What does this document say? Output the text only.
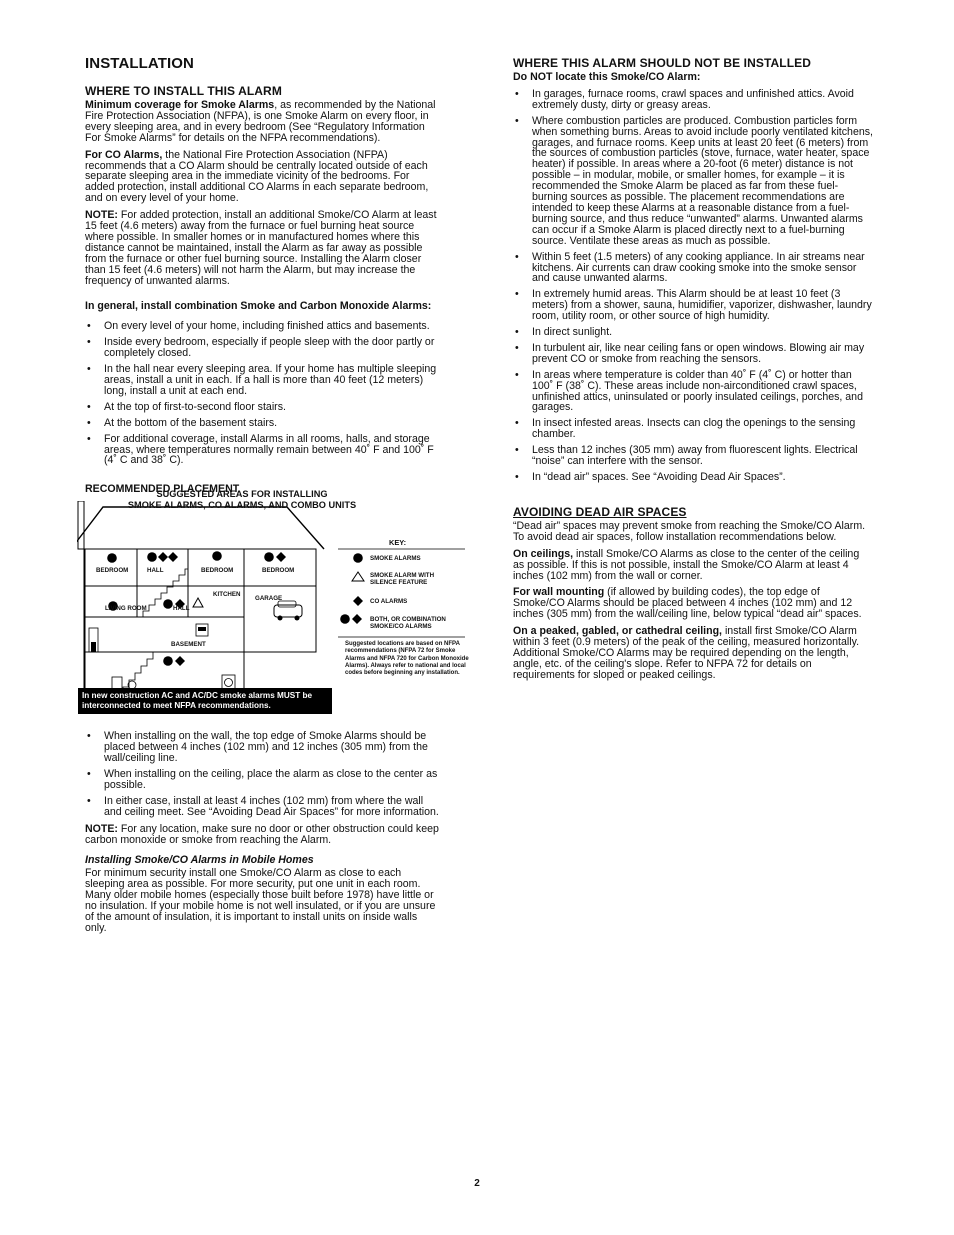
INSTALLATION
WHERE TO INSTALL THIS ALARM

Minimum coverage for Smoke Alarms, as recommended by the National Fire Protection Association (NFPA), is one Smoke Alarm on every floor, in every sleeping area, and in every bedroom (See “Regulatory Information For Smoke Alarms” for details on the NFPA recommendations).

For CO Alarms, the National Fire Protection Association (NFPA) recommends that a CO Alarm should be centrally located outside of each separate sleeping area in the immediate vicinity of the bedrooms. For added protection, install additional CO Alarms in each separate bedroom, and on every level of your home.

NOTE: For added protection, install an additional Smoke/CO Alarm at least 15 feet (4.6 meters) away from the furnace or fuel burning heat source where possible. In smaller homes or in manufactured homes where this distance cannot be maintained, install the Alarm as far away as possible from the furnace or other fuel burning source. Installing the Alarm closer than 15 feet (4.6 meters) will not harm the Alarm, but may increase the frequency of unwanted alarms.

In general, install combination Smoke and Carbon Monoxide Alarms:

• On every level of your home, including finished attics and basements.
• Inside every bedroom, especially if people sleep with the door partly or completely closed.
• In the hall near every sleeping area. If your home has multiple sleeping areas, install a unit in each. If a hall is more than 40 feet (12 meters) long, install a unit at each end.
• At the top of first-to-second floor stairs.
• At the bottom of the basement stairs.
• For additional coverage, install Alarms in all rooms, halls, and storage areas, where temperatures normally remain between 40˚ F and 100˚ F (4˚ C and 38˚ C).

RECOMMENDED PLACEMENT

SUGGESTED AREAS FOR INSTALLING
SMOKE ALARMS, CO ALARMS, AND COMBO UNITS
BEDROOM	HALL	BEDROOM	BEDROOM
LIVING ROOM	HALL
KITCHEN
GARAGE
BASEMENT
KEY:
SMOKE ALARMS
SMOKE ALARM WITH
SILENCE FEATURE
CO ALARMS
BOTH, OR COMBINATION
SMOKE/CO ALARMS
Suggested locations are based on NFPA recommendations (NFPA 72 for Smoke Alarms and NFPA 720 for Carbon Monoxide Alarms). Always refer to national and local codes before beginning any installation.
In new construction AC and AC/DC smoke alarms MUST be interconnected to meet NFPA recommendations.
• When installing on the wall, the top edge of Smoke Alarms should be placed between 4 inches (102 mm) and 12 inches (305 mm) from the wall/ceiling line.
• When installing on the ceiling, place the alarm as close to the center as possible.
• In either case, install at least 4 inches (102 mm) from where the wall and ceiling meet. See “Avoiding Dead Air Spaces” for more information.

NOTE: For any location, make sure no door or other obstruction could keep carbon monoxide or smoke from reaching the Alarm.

Installing Smoke/CO Alarms in Mobile Homes

For minimum security install one Smoke/CO Alarm as close to each sleeping area as possible. For more security, put one unit in each room. Many older mobile homes (especially those built before 1978) have little or no insulation. If your mobile home is not well insulated, or if you are unsure of the amount of insulation, it is important to install units on inside walls only.

WHERE THIS ALARM SHOULD NOT BE INSTALLED

Do NOT locate this Smoke/CO Alarm:

• In garages, furnace rooms, crawl spaces and unfinished attics. Avoid extremely dusty, dirty or greasy areas.
• Where combustion particles are produced. Combustion particles form when something burns. Areas to avoid include poorly ventilated kitchens, garages, and furnace rooms. Keep units at least 20 feet (6 meters) from the sources of combustion particles (stove, furnace, water heater, space heater) if possible. In areas where a 20-foot (6 meter) distance is not possible – in modular, mobile, or smaller homes, for example – it is recommended the Smoke Alarm be placed as far from these fuel-burning sources as possible. The placement recommendations are intended to keep these Alarms at a reasonable distance from a fuel-burning source, and thus reduce “unwanted” alarms. Unwanted alarms can occur if a Smoke Alarm is placed directly next to a fuel-burning source. Ventilate these areas as much as possible.
• Within 5 feet (1.5 meters) of any cooking appliance. In air streams near kitchens. Air currents can draw cooking smoke into the smoke sensor and cause unwanted alarms.
• In extremely humid areas. This Alarm should be at least 10 feet (3 meters) from a shower, sauna, humidifier, vaporizer, dishwasher, laundry room, utility room, or other source of high humidity.
• In direct sunlight.
• In turbulent air, like near ceiling fans or open windows. Blowing air may prevent CO or smoke from reaching the sensors.
• In areas where temperature is colder than 40˚ F (4˚ C) or hotter than 100˚ F (38˚ C). These areas include non-airconditioned crawl spaces, unfinished attics, uninsulated or poorly insulated ceilings, porches, and garages.
• In insect infested areas. Insects can clog the openings to the sensing chamber.
• Less than 12 inches (305 mm) away from fluorescent lights. Electrical “noise” can interfere with the sensor.
• In “dead air” spaces. See “Avoiding Dead Air Spaces”.
AVOIDING DEAD AIR SPACES

“Dead air” spaces may prevent smoke from reaching the Smoke/CO Alarm. To avoid dead air spaces, follow installation recommendations below.

On ceilings, install Smoke/CO Alarms as close to the center of the ceiling as possible. If this is not possible, install the Smoke/CO Alarm at least 4 inches (102 mm) from the wall or corner.

For wall mounting (if allowed by building codes), the top edge of Smoke/CO Alarms should be placed between 4 inches (102 mm) and 12 inches (305 mm) from the wall/ceiling line, below typical “dead air” spaces.

On a peaked, gabled, or cathedral ceiling, install first Smoke/CO Alarm within 3 feet (0.9 meters) of the peak of the ceiling, measured horizontally. Additional Smoke/CO Alarms may be required depending on the length, angle, etc. of the ceiling's slope. Refer to NFPA 72 for details on requirements for sloped or peaked ceilings.

2
